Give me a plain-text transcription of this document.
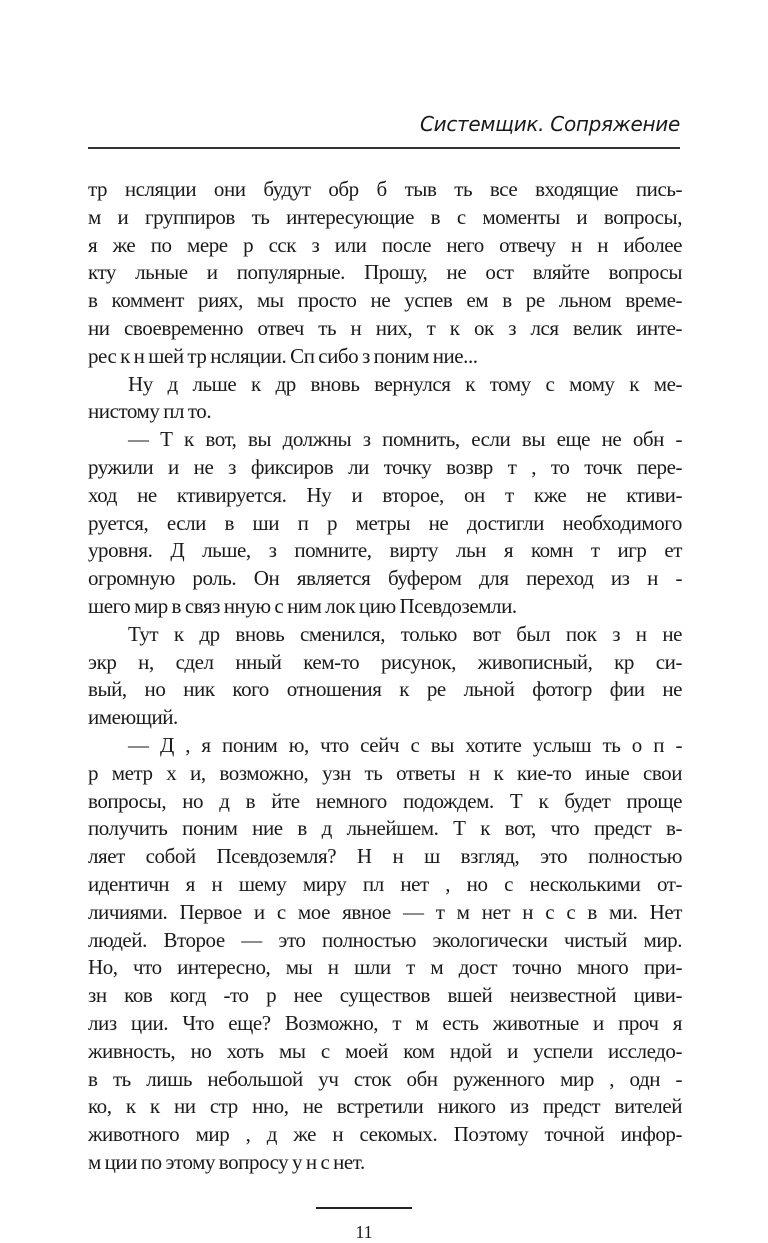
Системщик. Сопряжение
тр нсляции они будут обр б тыв ть все входящие пись-
м и группиров ть интересующие в с моменты и вопросы,
я же по мере р сск з или после него отвечу н н иболее
кту льные и популярные. Прошу, не ост вляйте вопросы
в коммент риях, мы просто не успев ем в ре льном време-
ни своевременно отвеч ть н них, т к ок з лся велик инте-
рес к н шей тр нсляции. Сп сибо з поним ние...
Ну д льше к др вновь вернулся к тому с мому к ме-
нистому пл то.
— Т к вот, вы должны з помнить, если вы еще не обн -
ружили и не з фиксиров ли точку возвр т , то точк пере-
ход не ктивируется. Ну и второе, он т кже не ктиви-
руется, если в ши п р метры не достигли необходимого
уровня. Д льше, з помните, вирту льн я комн т игр ет
огромную роль. Он является буфером для переход из н -
шего мир в связ нную с ним лок цию Псевдоземли.
Тут к др вновь сменился, только вот был пок з н не
экр н, сдел нный кем-то рисунок, живописный, кр си-
вый, но ник кого отношения к ре льной фотогр фии не
имеющий.
— Д , я поним ю, что сейч с вы хотите услыш ть о п -
р метр х и, возможно, узн ть ответы н к кие-то иные свои
вопросы, но д в йте немного подождем. Т к будет проще
получить поним ние в д льнейшем. Т к вот, что предст в-
ляет собой Псевдоземля? Н н ш взгляд, это полностью
идентичн я н шему миру пл нет , но с несколькими от-
личиями. Первое и с мое явное — т м нет н с с в ми. Нет
людей. Второе — это полностью экологически чистый мир.
Но, что интересно, мы н шли т м дост точно много при-
зн ков когд -то р нее существов вшей неизвестной циви-
лиз ции. Что еще? Возможно, т м есть животные и проч я
живность, но хоть мы с моей ком ндой и успели исследо-
в ть лишь небольшой уч сток обн руженного мир , одн -
ко, к к ни стр нно, не встретили никого из предст вителей
животного мир , д же н секомых. Поэтому точной инфор-
м ции по этому вопросу у н с нет.
11
